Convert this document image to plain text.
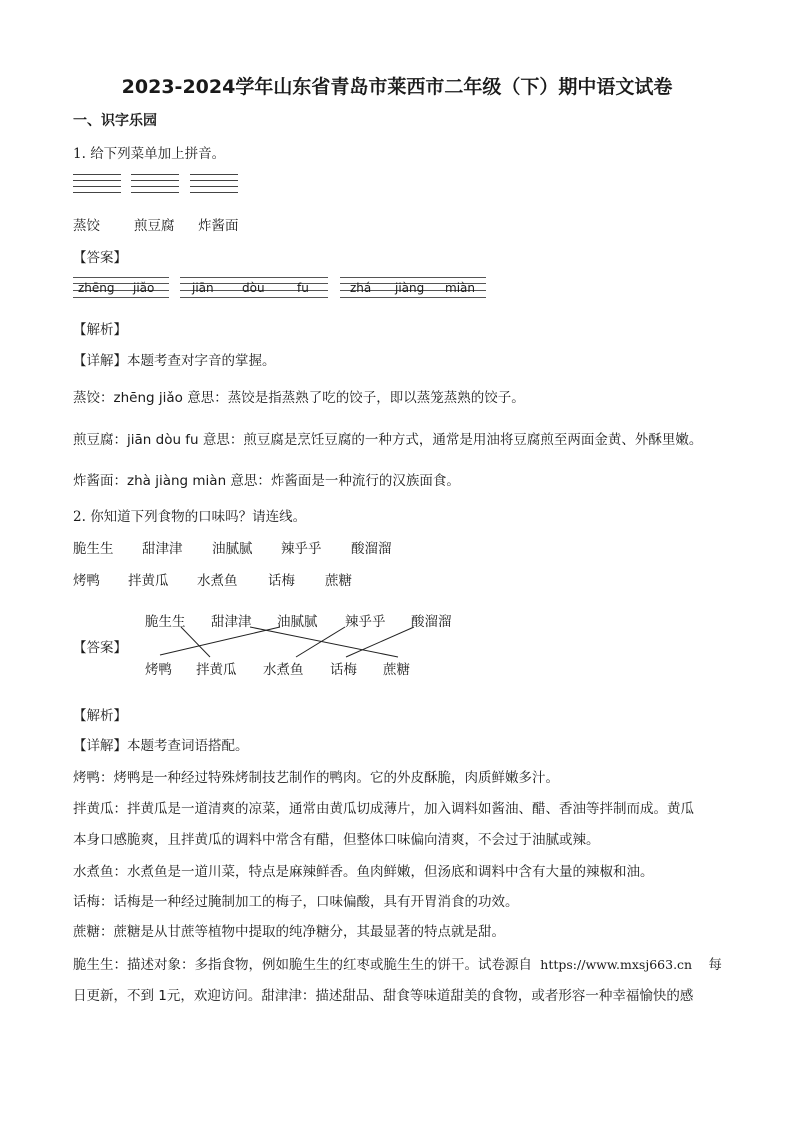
2023-2024学年山东省青岛市莱西市二年级（下）期中语文试卷
一、识字乐园
1. 给下列菜单加上拼音。
蒸饺	煎豆腐 炸酱面
【答案】
zhēng jiǎo	jiān dòu	fu	zhá jiàng miàn
【解析】
【详解】本题考查对字音的掌握。
蒸饺：zhēng jiǎo 意思：蒸饺是指蒸熟了吃的饺子，即以蒸笼蒸熟的饺子。
煎豆腐：jiān dòu fu 意思：煎豆腐是烹饪豆腐的一种方式，通常是用油将豆腐煎至两面金黄、外酥里嫩。
炸酱面：zhà jiàng miàn 意思：炸酱面是一种流行的汉族面食。
2. 你知道下列食物的口味吗？请连线。
脆生生 甜津津 油腻腻 辣乎乎 酸溜溜
烤鸭 拌黄瓜 水煮鱼 话梅 蔗糖
【答案】
脆生生 甜津津 油腻腻 辣乎乎 酸溜溜
烤鸭 拌黄瓜 水煮鱼 话梅 蔗糖
【解析】
【详解】本题考查词语搭配。
烤鸭：烤鸭是一种经过特殊烤制技艺制作的鸭肉。它的外皮酥脆，肉质鲜嫩多汁。
拌黄瓜：拌黄瓜是一道清爽的凉菜，通常由黄瓜切成薄片，加入调料如酱油、醋、香油等拌制而成。黄瓜
本身口感脆爽，且拌黄瓜的调料中常含有醋，但整体口味偏向清爽，不会过于油腻或辣。
水煮鱼：水煮鱼是一道川菜，特点是麻辣鲜香。鱼肉鲜嫩，但汤底和调料中含有大量的辣椒和油。
话梅：话梅是一种经过腌制加工的梅子，口味偏酸，具有开胃消食的功效。
蔗糖：蔗糖是从甘蔗等植物中提取的纯净糖分，其最显著的特点就是甜。
脆生生：描述对象：多指食物，例如脆生生的红枣或脆生生的饼干。试卷源自 https://www.mxsj663.cn 每
日更新，不到 1元，欢迎访问。甜津津：描述甜品、甜食等味道甜美的食物，或者形容一种幸福愉快的感
